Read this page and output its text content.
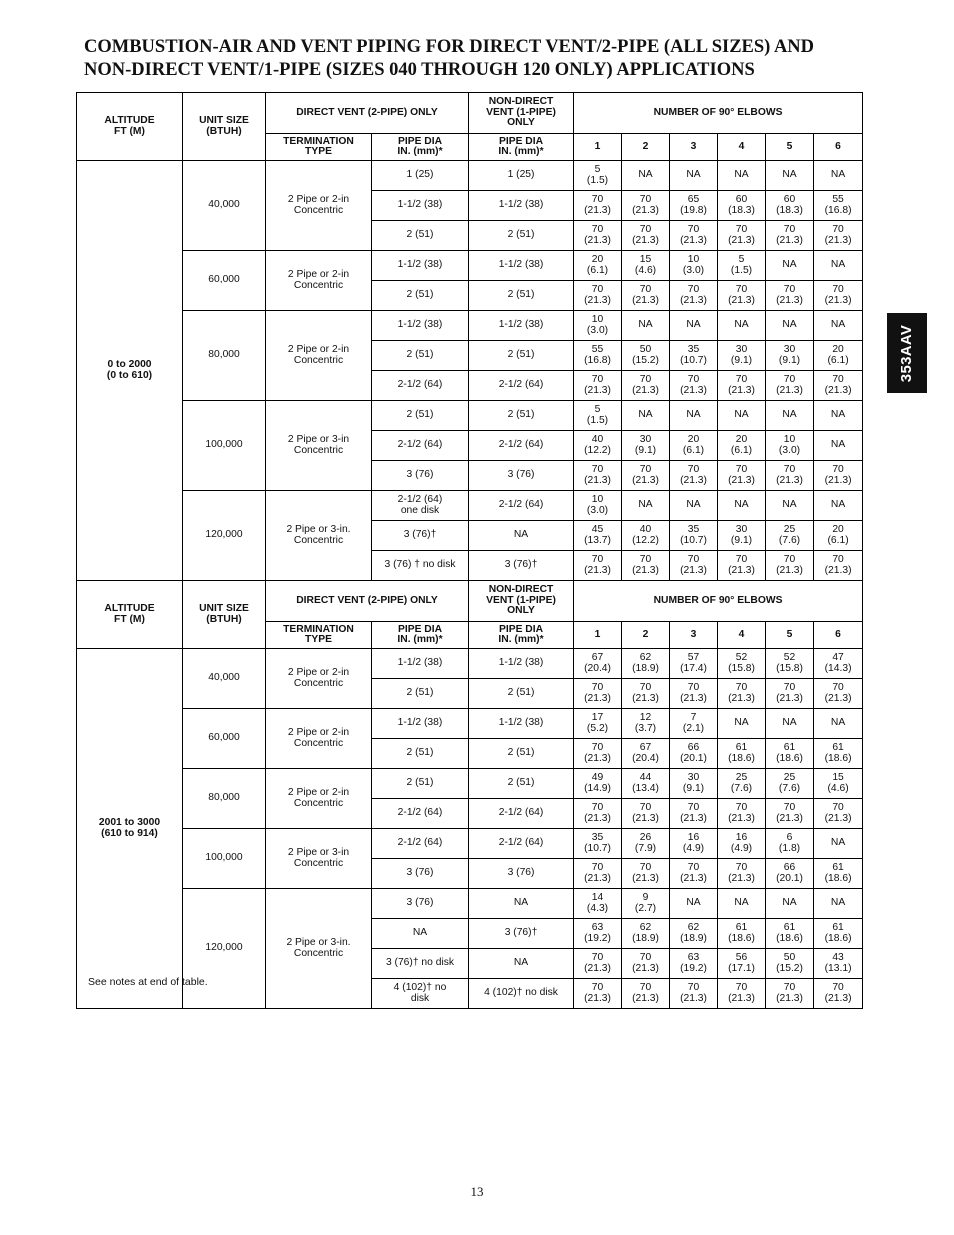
COMBUSTION-AIR AND VENT PIPING FOR DIRECT VENT/2-PIPE (ALL SIZES) AND
NON-DIRECT VENT/1-PIPE (SIZES 040 THROUGH 120 ONLY) APPLICATIONS
353AAV
ALTITUDE
FT (M)	UNIT SIZE
(BTUH)	DIRECT VENT (2-PIPE) ONLY		NON-DIRECT
VENT (1-PIPE)
ONLY	NUMBER OF 90° ELBOWS					
		TERMINATION
TYPE	PIPE DIA
IN. (mm)*	PIPE DIA
IN. (mm)*	1	2	3	4	5	6
0 to 2000
(0 to 610)	40,000	2 Pipe or 2-in
Concentric	1 (25)	1 (25)	5
(1.5)	NA	NA	NA	NA	NA
			1-1/2 (38)	1-1/2 (38)	70
(21.3)	70
(21.3)	65
(19.8)	60
(18.3)	60
(18.3)	55
(16.8)
			2 (51)	2 (51)	70
(21.3)	70
(21.3)	70
(21.3)	70
(21.3)	70
(21.3)	70
(21.3)
	60,000	2 Pipe or 2-in
Concentric	1-1/2 (38)	1-1/2 (38)	20
(6.1)	15
(4.6)	10
(3.0)	5
(1.5)	NA	NA
			2 (51)	2 (51)	70
(21.3)	70
(21.3)	70
(21.3)	70
(21.3)	70
(21.3)	70
(21.3)
	80,000	2 Pipe or 2-in
Concentric	1-1/2 (38)	1-1/2 (38)	10
(3.0)	NA	NA	NA	NA	NA
			2 (51)	2 (51)	55
(16.8)	50
(15.2)	35
(10.7)	30
(9.1)	30
(9.1)	20
(6.1)
			2-1/2 (64)	2-1/2 (64)	70
(21.3)	70
(21.3)	70
(21.3)	70
(21.3)	70
(21.3)	70
(21.3)
	100,000	2 Pipe or 3-in
Concentric	2 (51)	2 (51)	5
(1.5)	NA	NA	NA	NA	NA
			2-1/2 (64)	2-1/2 (64)	40
(12.2)	30
(9.1)	20
(6.1)	20
(6.1)	10
(3.0)	NA
			3 (76)	3 (76)	70
(21.3)	70
(21.3)	70
(21.3)	70
(21.3)	70
(21.3)	70
(21.3)
	120,000	2 Pipe or 3-in.
Concentric	2-1/2 (64)
one disk	2-1/2 (64)	10
(3.0)	NA	NA	NA	NA	NA
			3 (76)†	NA	45
(13.7)	40
(12.2)	35
(10.7)	30
(9.1)	25
(7.6)	20
(6.1)
			3 (76) † no disk	3 (76)†	70
(21.3)	70
(21.3)	70
(21.3)	70
(21.3)	70
(21.3)	70
(21.3)
ALTITUDE
FT (M)	UNIT SIZE
(BTUH)	DIRECT VENT (2-PIPE) ONLY		NON-DIRECT
VENT (1-PIPE)
ONLY	NUMBER OF 90° ELBOWS					
		TERMINATION
TYPE	PIPE DIA
IN. (mm)*	PIPE DIA
IN. (mm)*	1	2	3	4	5	6
2001 to 3000
(610 to 914)	40,000	2 Pipe or 2-in
Concentric	1-1/2 (38)	1-1/2 (38)	67
(20.4)	62
(18.9)	57
(17.4)	52
(15.8)	52
(15.8)	47
(14.3)
			2 (51)	2 (51)	70
(21.3)	70
(21.3)	70
(21.3)	70
(21.3)	70
(21.3)	70
(21.3)
	60,000	2 Pipe or 2-in
Concentric	1-1/2 (38)	1-1/2 (38)	17
(5.2)	12
(3.7)	7
(2.1)	NA	NA	NA
			2 (51)	2 (51)	70
(21.3)	67
(20.4)	66
(20.1)	61
(18.6)	61
(18.6)	61
(18.6)
	80,000	2 Pipe or 2-in
Concentric	2 (51)	2 (51)	49
(14.9)	44
(13.4)	30
(9.1)	25
(7.6)	25
(7.6)	15
(4.6)
			2-1/2 (64)	2-1/2 (64)	70
(21.3)	70
(21.3)	70
(21.3)	70
(21.3)	70
(21.3)	70
(21.3)
	100,000	2 Pipe or 3-in
Concentric	2-1/2 (64)	2-1/2 (64)	35
(10.7)	26
(7.9)	16
(4.9)	16
(4.9)	6
(1.8)	NA
			3 (76)	3 (76)	70
(21.3)	70
(21.3)	70
(21.3)	70
(21.3)	66
(20.1)	61
(18.6)
	120,000	2 Pipe or 3-in.
Concentric	3 (76)	NA	14
(4.3)	9
(2.7)	NA	NA	NA	NA
			NA	3 (76)†	63
(19.2)	62
(18.9)	62
(18.9)	61
(18.6)	61
(18.6)	61
(18.6)
			3 (76)† no disk	NA	70
(21.3)	70
(21.3)	63
(19.2)	56
(17.1)	50
(15.2)	43
(13.1)
			4 (102)† no
disk	4 (102)† no disk	70
(21.3)	70
(21.3)	70
(21.3)	70
(21.3)	70
(21.3)	70
(21.3)
See notes at end of table.
13
